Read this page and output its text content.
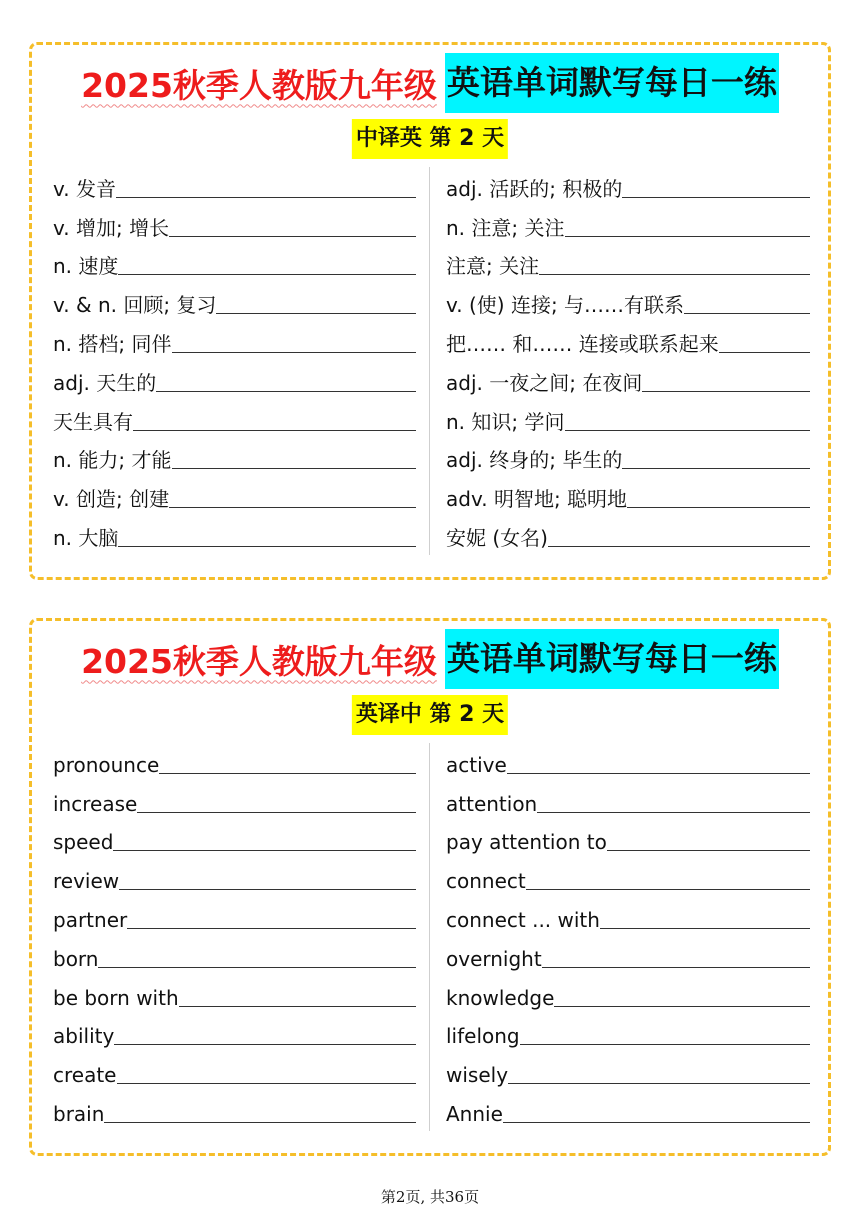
2025秋季人教版九年级 英语单词默写每日一练
中译英 第 2 天
v. 发音
v. 增加; 增长
n. 速度
v. & n. 回顾; 复习
n. 搭档; 同伴
adj. 天生的
天生具有
n. 能力; 才能
v. 创造; 创建
n. 大脑
adj. 活跃的; 积极的
n. 注意; 关注
注意; 关注
v. (使) 连接; 与……有联系
把…… 和…… 连接或联系起来
adj. 一夜之间; 在夜间
n. 知识; 学问
adj. 终身的; 毕生的
adv. 明智地; 聪明地
安妮 (女名)
2025秋季人教版九年级 英语单词默写每日一练
英译中 第 2 天
pronounce
increase
speed
review
partner
born
be born with
ability
create
brain
active
attention
pay attention to
connect
connect ... with
overnight
knowledge
lifelong
wisely
Annie
第2页, 共36页
